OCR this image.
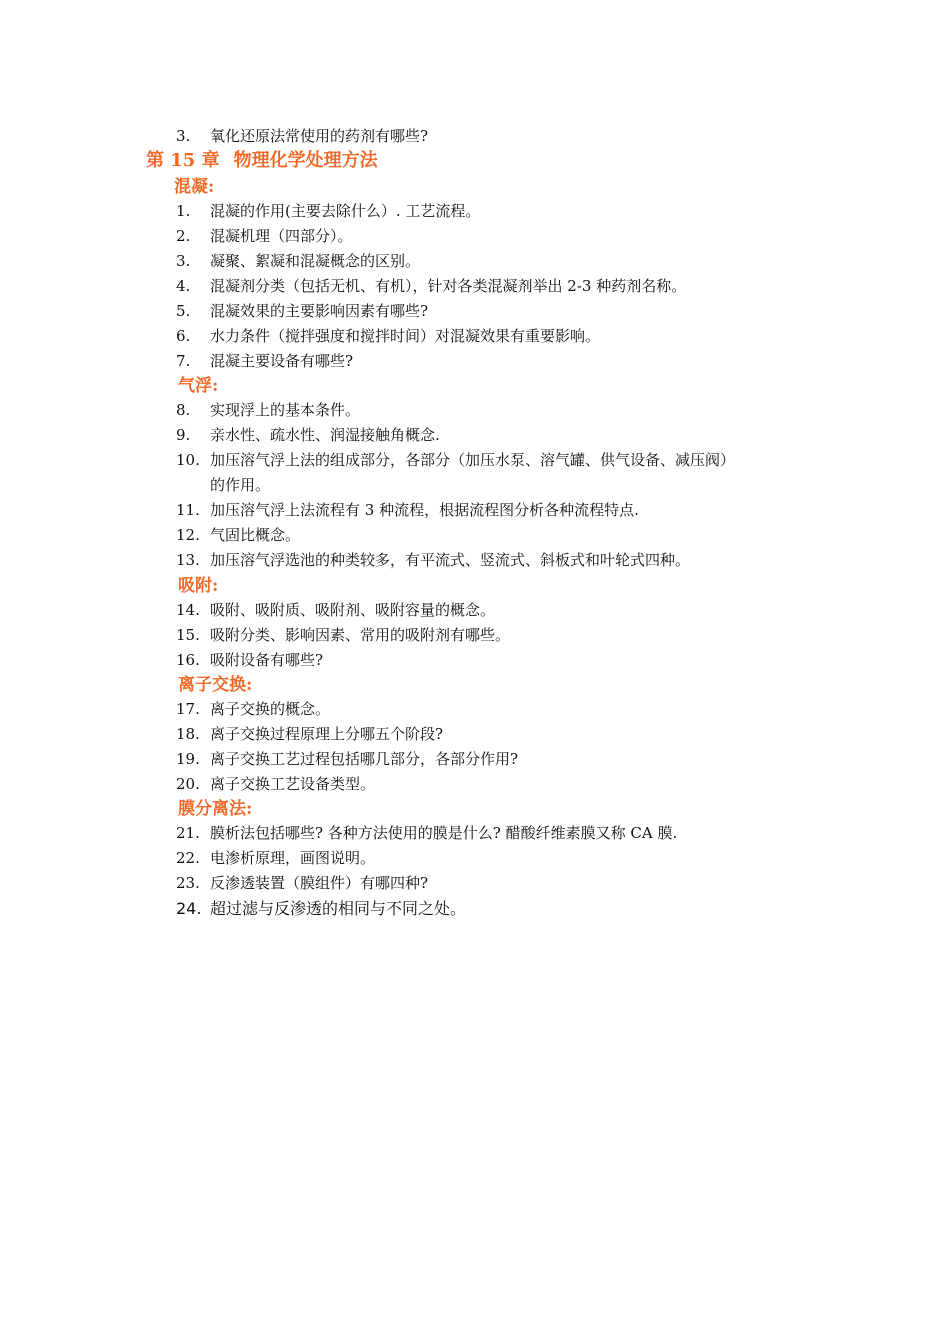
3.	氧化还原法常使用的药剂有哪些?
第 15 章 物理化学处理方法
混凝:
1.	混凝的作用(主要去除什么）. 工艺流程。
2.	混凝机理（四部分）。
3.	凝聚、絮凝和混凝概念的区别。
4.	混凝剂分类（包括无机、有机），针对各类混凝剂举出 2-3 种药剂名称。
5.	混凝效果的主要影响因素有哪些?
6.	水力条件（搅拌强度和搅拌时间）对混凝效果有重要影响。
7.	混凝主要设备有哪些?
气浮:
8.	实现浮上的基本条件。
9.	亲水性、疏水性、润湿接触角概念.
10. 加压溶气浮上法的组成部分，各部分（加压水泵、溶气罐、供气设备、减压阀）
的作用。
11. 加压溶气浮上法流程有 3 种流程，根据流程图分析各种流程特点.
12. 气固比概念。
13. 加压溶气浮选池的种类较多，有平流式、竖流式、斜板式和叶轮式四种。
吸附:
14. 吸附、吸附质、吸附剂、吸附容量的概念。
15. 吸附分类、影响因素、常用的吸附剂有哪些。
16. 吸附设备有哪些?
离子交换:
17. 离子交换的概念。
18. 离子交换过程原理上分哪五个阶段?
19. 离子交换工艺过程包括哪几部分，各部分作用?
20. 离子交换工艺设备类型。
膜分离法:
21. 膜析法包括哪些? 各种方法使用的膜是什么? 醋酸纤维素膜又称 CA 膜.
22. 电渗析原理，画图说明。
23. 反渗透装置（膜组件）有哪四种?
24. 超过滤与反渗透的相同与不同之处。
